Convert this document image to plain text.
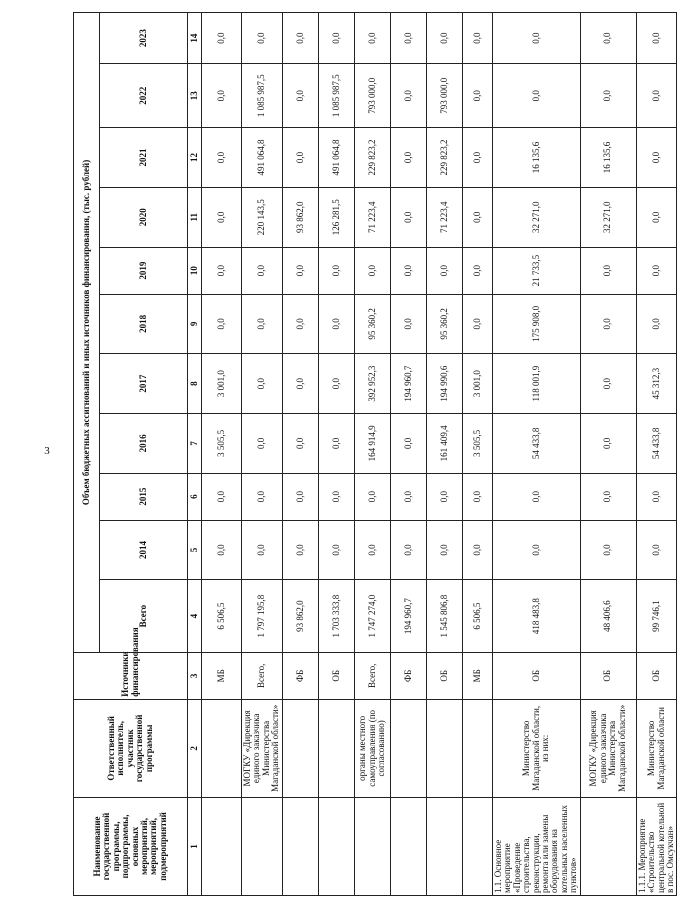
3
Наименование государственной программы, подпрограммы, основных мероприятий, мероприятий, подмероприятий	Ответственный исполнитель, участник государственной программы	Источники финансирования	Объем бюджетных ассигнований и иных источников финансирования, (тыс. рублей)										
			Всего	2014	2015	2016	2017	2018	2019	2020	2021	2022	2023
1	2	3	4	5	6	7	8	9	10	11	12	13	14
		МБ	6 506,5	0,0	0,0	3 505,5	3 001,0	0,0	0,0	0,0	0,0	0,0	0,0
	МОГКУ «Дирекция единого заказчика Министерства Магаданской области»	Всего,	1 797 195,8	0,0	0,0	0,0	0,0	0,0	0,0	220 143,5	491 064,8	1 085 987,5	0,0
		ФБ	93 862,0	0,0	0,0	0,0	0,0	0,0	0,0	93 862,0	0,0	0,0	0,0
		ОБ	1 703 333,8	0,0	0,0	0,0	0,0	0,0	0,0	126 281,5	491 064,8	1 085 987,5	0,0
	органы местного самоуправления (по согласованию)	Всего,	1 747 274,0	0,0	0,0	164 914,9	392 952,3	95 360,2	0,0	71 223,4	229 823,2	793 000,0	0,0
		ФБ	194 960,7	0,0	0,0	0,0	194 960,7	0,0	0,0	0,0	0,0	0,0	0,0
		ОБ	1 545 806,8	0,0	0,0	161 409,4	194 990,6	95 360,2	0,0	71 223,4	229 823,2	793 000,0	0,0
		МБ	6 506,5	0,0	0,0	3 505,5	3 001,0	0,0	0,0	0,0	0,0	0,0	0,0
1.1. Основное мероприятие «Проведение строительства, реконструкции, ремонта или замены оборудования на котельных населенных пунктов»	Министерство Магаданской области, из них:	ОБ	418 483,8	0,0	0,0	54 433,8	118 001,9	175 908,0	21 733,5	32 271,0	16 135,6	0,0	0,0
	МОГКУ «Дирекция единого заказчика Министерства Магаданской области»	ОБ	48 406,6	0,0	0,0	0,0	0,0	0,0	0,0	32 271,0	16 135,6	0,0	0,0
1.1.1. Мероприятие «Строительство центральной котельной в пос. Омсукчан»	Министерство Магаданской области	ОБ	99 746,1	0,0	0,0	54 433,8	45 312,3	0,0	0,0	0,0	0,0	0,0	0,0
